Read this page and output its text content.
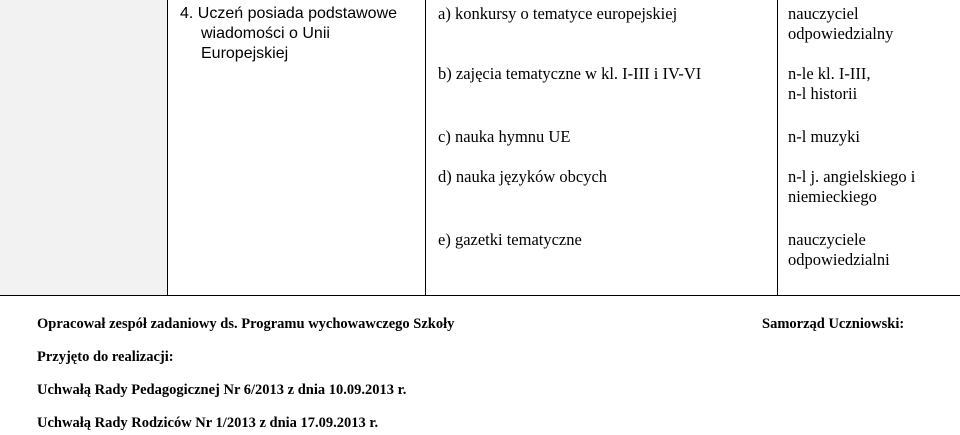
4. Uczeń posiada podstawowe
wiadomości o Unii
Europejskiej
a) konkursy o tematyce europejskiej
b) zajęcia tematyczne w kl. I-III i IV-VI
c) nauka hymnu UE
d) nauka języków obcych
e) gazetki tematyczne
nauczyciel
odpowiedzialny
n-le kl. I-III,
n-l historii
n-l muzyki
n-l j. angielskiego i
niemieckiego
nauczyciele
odpowiedzialni
Opracował zespół zadaniowy ds. Programu wychowawczego Szkoły	Samorząd Uczniowski:
Przyjęto do realizacji:
Uchwałą Rady Pedagogicznej Nr 6/2013 z dnia 10.09.2013 r.
Uchwałą Rady Rodziców Nr 1/2013 z dnia 17.09.2013 r.
